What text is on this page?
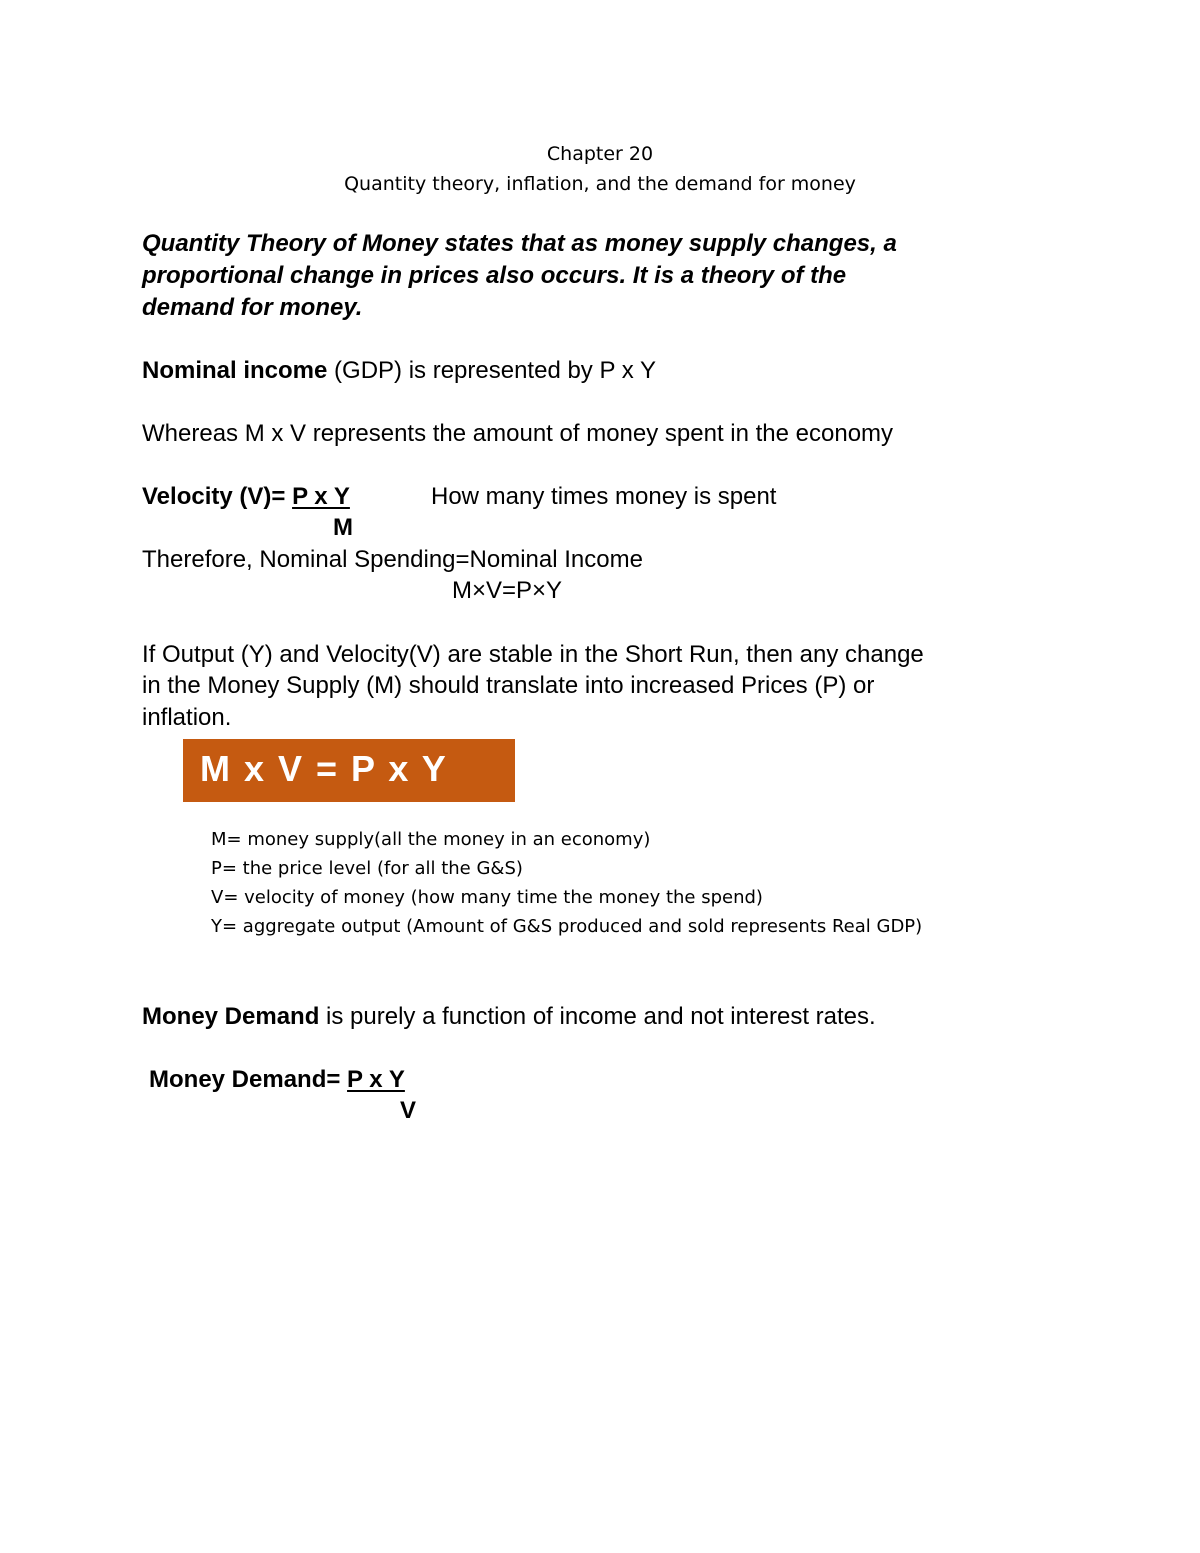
Chapter 20
Quantity theory, inflation, and the demand for money
Quantity Theory of Money states that as money supply changes, a
proportional change in prices also occurs. It is a theory of the
demand for money.
Nominal income (GDP) is represented by P x Y
Whereas M x V represents the amount of money spent in the economy
Velocity (V)= P x Y	How many times money is spent
M
Therefore, Nominal Spending=Nominal Income
M×V=P×Y
If Output (Y) and Velocity(V) are stable in the Short Run, then any change
in the Money Supply (M) should translate into increased Prices (P) or
inflation.
M x V = P x Y
M= money supply(all the money in an economy)
P= the price level (for all the G&S)
V= velocity of money (how many time the money the spend)
Y= aggregate output (Amount of G&S produced and sold represents Real GDP)
Money Demand is purely a function of income and not interest rates.
Money Demand= P x Y
V
